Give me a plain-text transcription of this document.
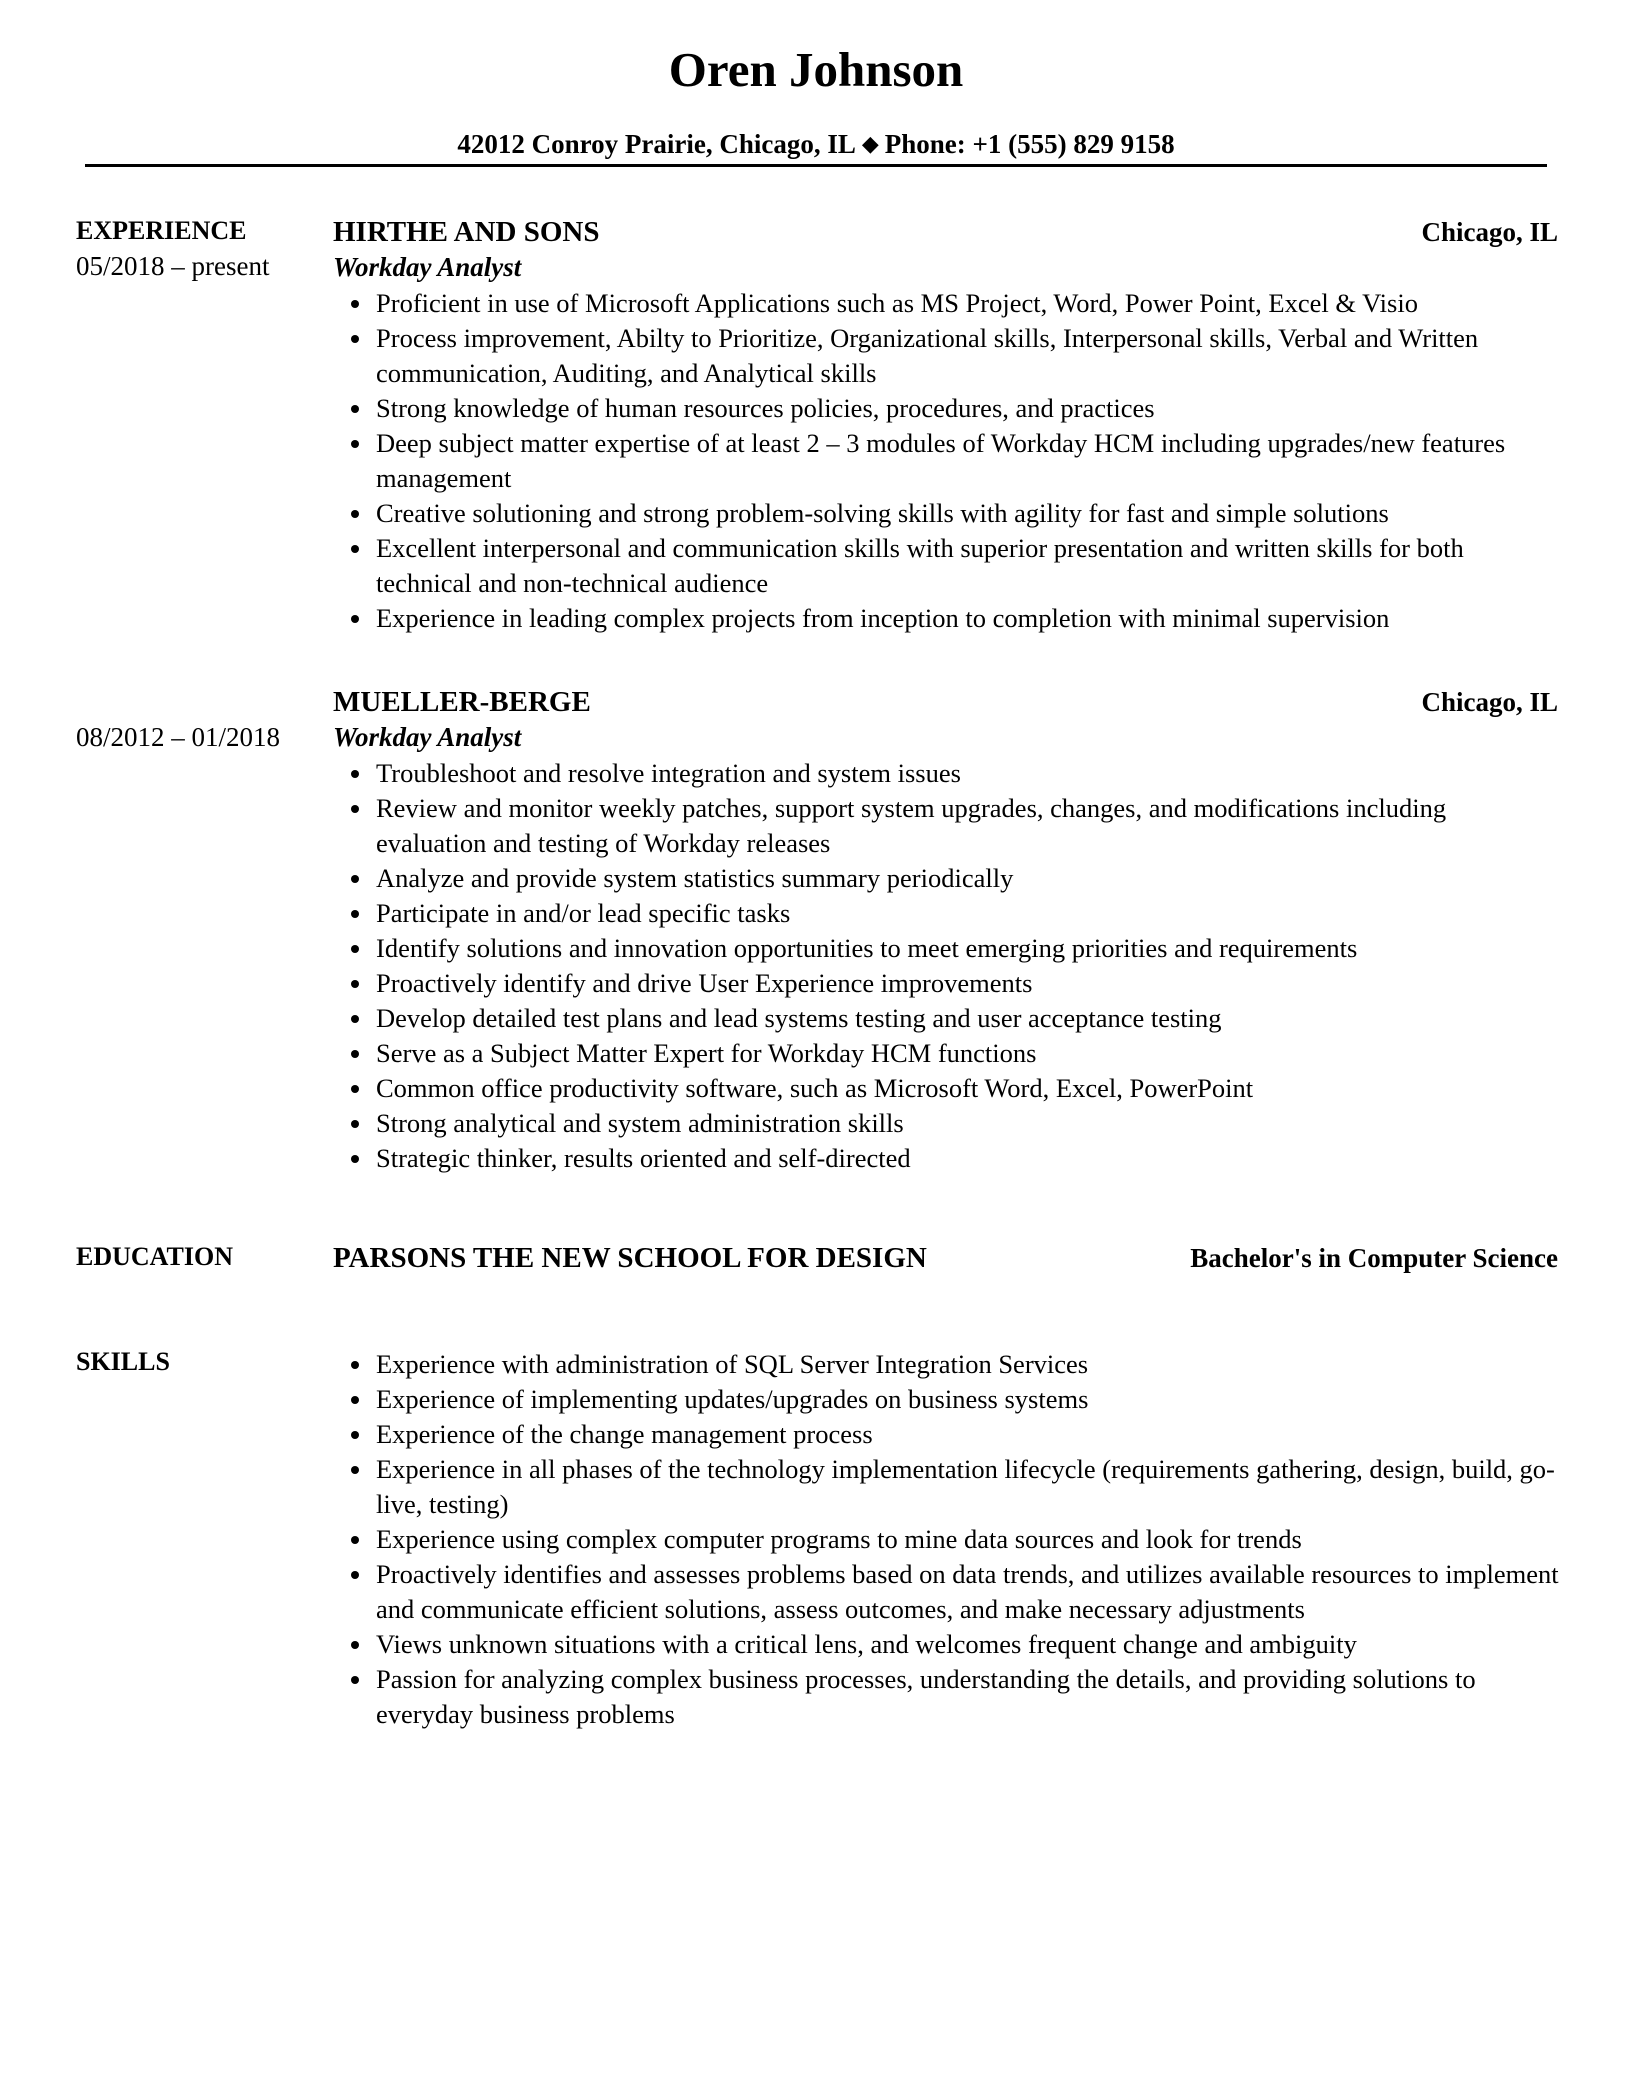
Oren Johnson
42012 Conroy Prairie, Chicago, IL ◆ Phone: +1 (555) 829 9158
EXPERIENCE
05/2018 – present
HIRTHE AND SONS	Chicago, IL
Workday Analyst
Proficient in use of Microsoft Applications such as MS Project, Word, Power Point, Excel & Visio
Process improvement, Abilty to Prioritize, Organizational skills, Interpersonal skills, Verbal and Written communication, Auditing, and Analytical skills
Strong knowledge of human resources policies, procedures, and practices
Deep subject matter expertise of at least 2 – 3 modules of Workday HCM including upgrades/new features management
Creative solutioning and strong problem-solving skills with agility for fast and simple solutions
Excellent interpersonal and communication skills with superior presentation and written skills for both technical and non-technical audience
Experience in leading complex projects from inception to completion with minimal supervision
MUELLER-BERGE	Chicago, IL
08/2012 – 01/2018 Workday Analyst
Troubleshoot and resolve integration and system issues
Review and monitor weekly patches, support system upgrades, changes, and modifications including evaluation and testing of Workday releases
Analyze and provide system statistics summary periodically
Participate in and/or lead specific tasks
Identify solutions and innovation opportunities to meet emerging priorities and requirements
Proactively identify and drive User Experience improvements
Develop detailed test plans and lead systems testing and user acceptance testing
Serve as a Subject Matter Expert for Workday HCM functions
Common office productivity software, such as Microsoft Word, Excel, PowerPoint
Strong analytical and system administration skills
Strategic thinker, results oriented and self-directed
EDUCATION	PARSONS THE NEW SCHOOL FOR DESIGN	Bachelor's in Computer Science
SKILLS	Experience with administration of SQL Server Integration Services
Experience of implementing updates/upgrades on business systems
Experience of the change management process
Experience in all phases of the technology implementation lifecycle (requirements gathering, design, build, go-live, testing)
Experience using complex computer programs to mine data sources and look for trends
Proactively identifies and assesses problems based on data trends, and utilizes available resources to implement and communicate efficient solutions, assess outcomes, and make necessary adjustments
Views unknown situations with a critical lens, and welcomes frequent change and ambiguity
Passion for analyzing complex business processes, understanding the details, and providing solutions to everyday business problems
